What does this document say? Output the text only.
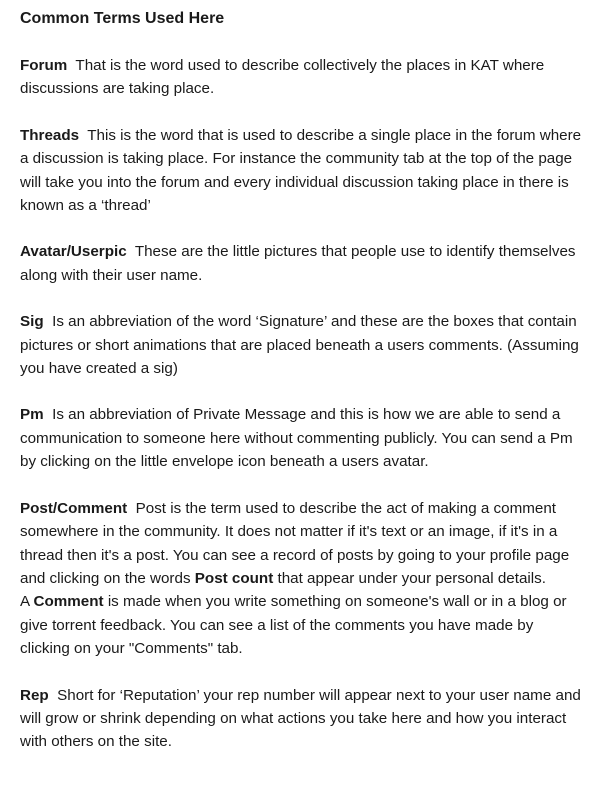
Common Terms Used Here

Forum That is the word used to describe collectively the places in KAT where discussions are taking place.

Threads This is the word that is used to describe a single place in the forum where a discussion is taking place. For instance the community tab at the top of the page will take you into the forum and every individual discussion taking place in there is known as a ‘thread’

Avatar/Userpic These are the little pictures that people use to identify themselves along with their user name.

Sig Is an abbreviation of the word ‘Signature’ and these are the boxes that contain pictures or short animations that are placed beneath a users comments. (Assuming you have created a sig)

Pm Is an abbreviation of Private Message and this is how we are able to send a communication to someone here without commenting publicly. You can send a Pm by clicking on the little envelope icon beneath a users avatar.

Post/Comment Post is the term used to describe the act of making a comment somewhere in the community. It does not matter if it's text or an image, if it's in a thread then it's a post. You can see a record of posts by going to your profile page and clicking on the words Post count that appear under your personal details.

A Comment is made when you write something on someone's wall or in a blog or give torrent feedback. You can see a list of the comments you have made by clicking on your "Comments" tab.

Rep Short for ‘Reputation’ your rep number will appear next to your user name and will grow or shrink depending on what actions you take here and how you interact with others on the site.
